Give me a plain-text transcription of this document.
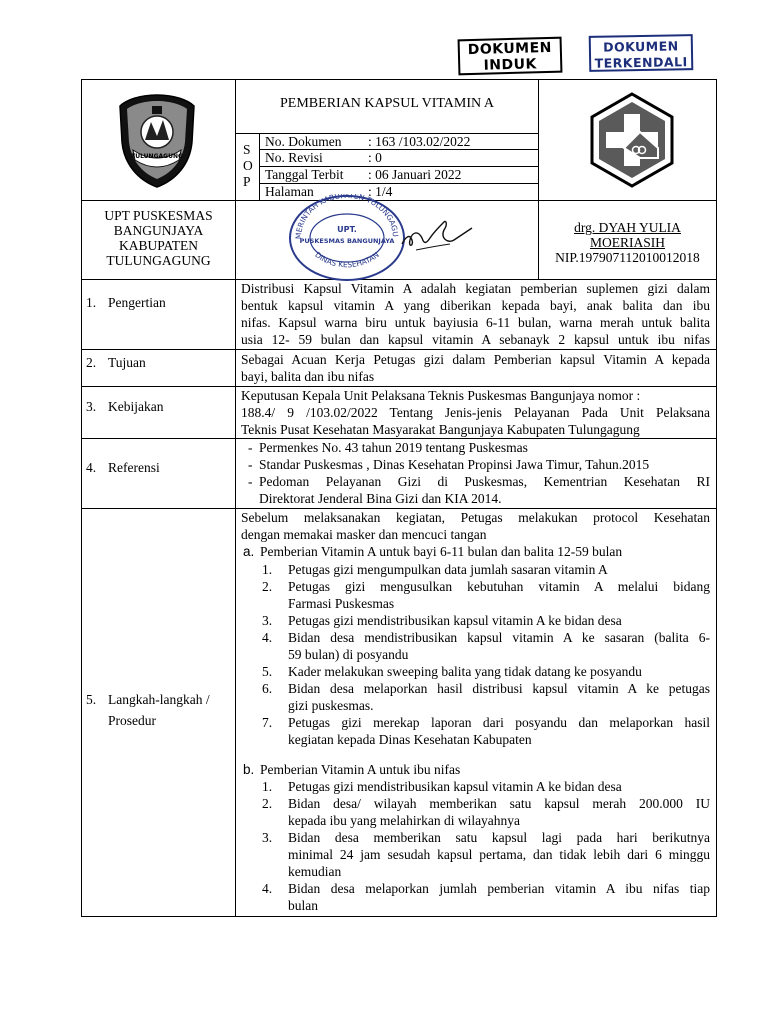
DOKUMEN
INDUK
DOKUMEN
TERKENDALI
TULUNGAGUNG
PEMBERIAN KAPSUL VITAMIN A
S
O
P
No. Dokumen : 163 /103.02/2022
No. Revisi	: 0
Tanggal Terbit : 06 Januari 2022
Halaman	: 1/4
UPT PUSKESMAS
BANGUNJAYA
KABUPATEN
TULUNGAGUNG
MERINTAH KABUPATEN TULUNGAGU
DINAS KESEHATAN
UPT.
PUSKESMAS BANGUNJAYA
drg. DYAH YULIA
MOERIASIH
NIP.197907112010012018
1. Pengertian
Distribusi Kapsul Vitamin A adalah kegiatan pemberian suplemen gizi dalam
bentuk kapsul vitamin A yang diberikan kepada bayi, anak balita dan ibu
nifas. Kapsul warna biru untuk bayiusia 6-11 bulan, warna merah untuk balita
usia 12- 59 bulan dan kapsul vitamin A sebanayk 2 kapsul untuk ibu nifas
2. Tujuan	Sebagai Acuan Kerja Petugas gizi dalam Pemberian kapsul Vitamin A kepada
bayi, balita dan ibu nifas
3. Kebijakan
Keputusan Kepala Unit Pelaksana Teknis Puskesmas Bangunjaya nomor :
188.4/ 9 /103.02/2022 Tentang Jenis-jenis Pelayanan Pada Unit Pelaksana
Teknis Pusat Kesehatan Masyarakat Bangunjaya Kabupaten Tulungagung
4. Referensi
- Permenkes No. 43 tahun 2019 tentang Puskesmas
- Standar Puskesmas , Dinas Kesehatan Propinsi Jawa Timur, Tahun.2015
- Pedoman Pelayanan Gizi di Puskesmas, Kementrian Kesehatan RI
Direktorat Jenderal Bina Gizi dan KIA 2014.
5. Langkah-langkah /
Prosedur
Sebelum melaksanakan kegiatan, Petugas melakukan protocol Kesehatan
dengan memakai masker dan mencuci tangan
a. Pemberian Vitamin A untuk bayi 6-11 bulan dan balita 12-59 bulan
1. Petugas gizi mengumpulkan data jumlah sasaran vitamin A
2. Petugas gizi mengusulkan kebutuhan vitamin A melalui bidang
Farmasi Puskesmas
3. Petugas gizi mendistribusikan kapsul vitamin A ke bidan desa
4. Bidan desa mendistribusikan kapsul vitamin A ke sasaran (balita 6-
59 bulan) di posyandu
5. Kader melakukan sweeping balita yang tidak datang ke posyandu
6. Bidan desa melaporkan hasil distribusi kapsul vitamin A ke petugas
gizi puskesmas.
7. Petugas gizi merekap laporan dari posyandu dan melaporkan hasil
kegiatan kepada Dinas Kesehatan Kabupaten
b. Pemberian Vitamin A untuk ibu nifas
1. Petugas gizi mendistribusikan kapsul vitamin A ke bidan desa
2. Bidan desa/ wilayah memberikan satu kapsul merah 200.000 IU
kepada ibu yang melahirkan di wilayahnya
3. Bidan desa memberikan satu kapsul lagi pada hari berikutnya
minimal 24 jam sesudah kapsul pertama, dan tidak lebih dari 6 minggu
kemudian
4. Bidan desa melaporkan jumlah pemberian vitamin A ibu nifas tiap
bulan
